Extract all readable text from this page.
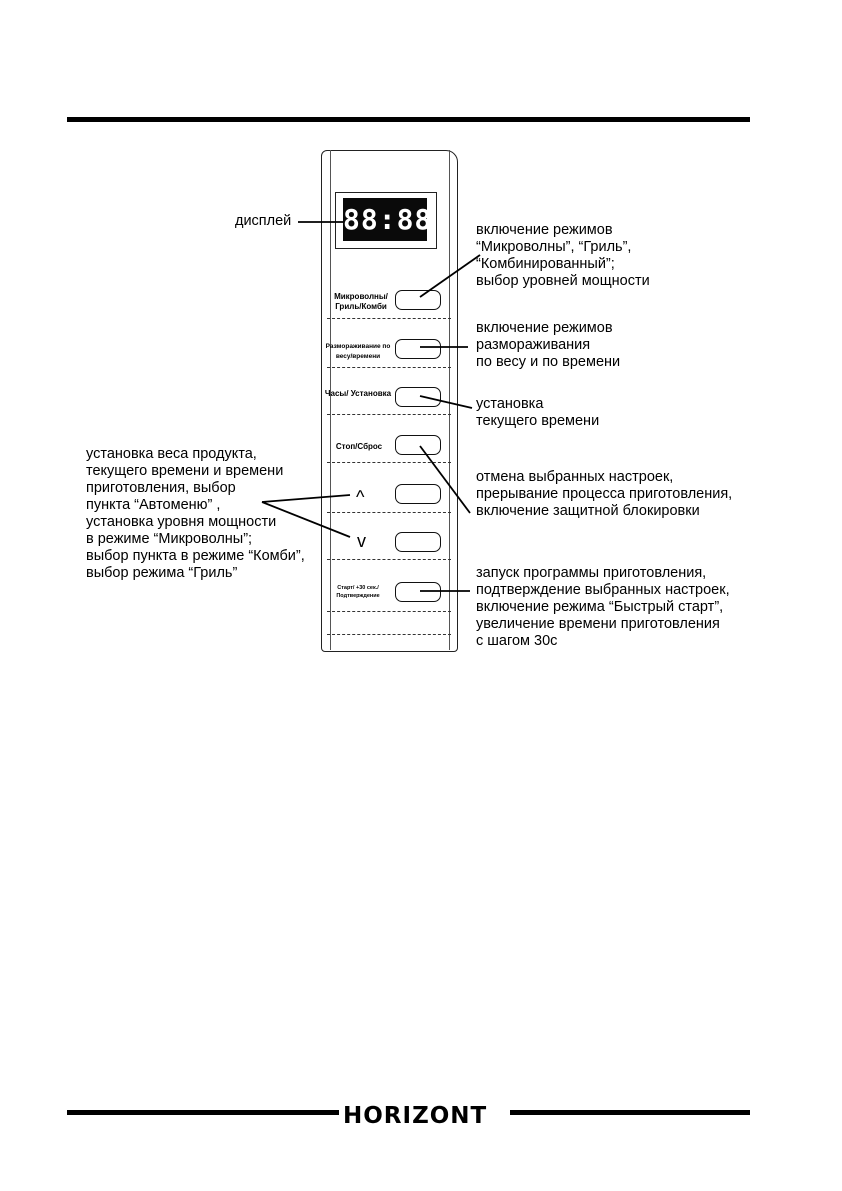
88:88
Микроволны/ Гриль/Комби
Размораживание по весу/времени
Часы/ Установка
Стоп/Сброс
^
v
Старт/ +30 сек./Подтверждение
дисплей
включение режимов
“Микроволны”, “Гриль”,
“Комбинированный”;
выбор уровней мощности
включение режимов
размораживания
по весу и по времени
установка
текущего времени
отмена выбранных настроек,
прерывание процесса приготовления,
включение защитной блокировки
запуск программы приготовления,
подтверждение выбранных настроек,
включение режима “Быстрый старт”,
увеличение времени приготовления
с шагом 30с
установка веса продукта,
текущего времени и времени
приготовления, выбор
пункта “Автоменю” ,
установка уровня мощности
в режиме “Микроволны”;
выбор пункта в режиме “Комби”,
выбор режима “Гриль”
HORIZONT
